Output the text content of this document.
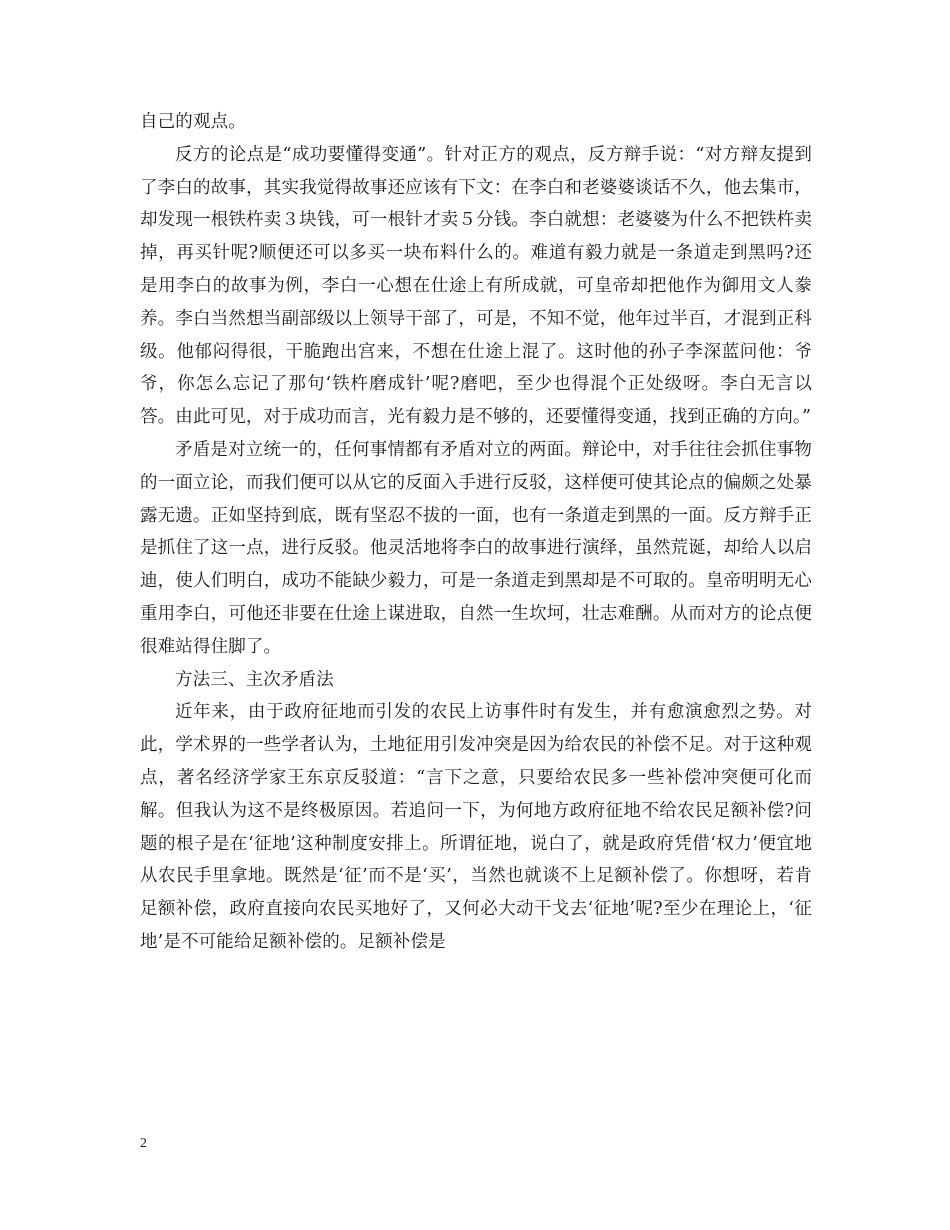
自己的观点。

反方的论点是“成功要懂得变通”。针对正方的观点，反方辩手说：“对方辩友提到了李白的故事，其实我觉得故事还应该有下文：在李白和老婆婆谈话不久，他去集市，却发现一根铁杵卖３块钱，可一根针才卖５分钱。李白就想：老婆婆为什么不把铁杵卖掉，再买针呢?顺便还可以多买一块布料什么的。难道有毅力就是一条道走到黑吗?还是用李白的故事为例，李白一心想在仕途上有所成就，可皇帝却把他作为御用文人豢养。李白当然想当副部级以上领导干部了，可是，不知不觉，他年过半百，才混到正科级。他郁闷得很，干脆跑出宫来，不想在仕途上混了。这时他的孙子李深蓝问他：爷爷，你怎么忘记了那句‘铁杵磨成针’呢?磨吧，至少也得混个正处级呀。李白无言以答。由此可见，对于成功而言，光有毅力是不够的，还要懂得变通，找到正确的方向。”

矛盾是对立统一的，任何事情都有矛盾对立的两面。辩论中，对手往往会抓住事物的一面立论，而我们便可以从它的反面入手进行反驳，这样便可使其论点的偏颇之处暴露无遗。正如坚持到底，既有坚忍不拔的一面，也有一条道走到黑的一面。反方辩手正是抓住了这一点，进行反驳。他灵活地将李白的故事进行演绎，虽然荒诞，却给人以启迪，使人们明白，成功不能缺少毅力，可是一条道走到黑却是不可取的。皇帝明明无心重用李白，可他还非要在仕途上谋进取，自然一生坎坷，壮志难酬。从而对方的论点便很难站得住脚了。

方法三、主次矛盾法

近年来，由于政府征地而引发的农民上访事件时有发生，并有愈演愈烈之势。对此，学术界的一些学者认为，土地征用引发冲突是因为给农民的补偿不足。对于这种观点，著名经济学家王东京反驳道：“言下之意，只要给农民多一些补偿冲突便可化而解。但我认为这不是终极原因。若追问一下，为何地方政府征地不给农民足额补偿?问题的根子是在‘征地’这种制度安排上。所谓征地，说白了，就是政府凭借‘权力’便宜地从农民手里拿地。既然是‘征’而不是‘买’，当然也就谈不上足额补偿了。你想呀，若肯足额补偿，政府直接向农民买地好了，又何必大动干戈去‘征地’呢?至少在理论上，‘征地’是不可能给足额补偿的。足额补偿是

2
